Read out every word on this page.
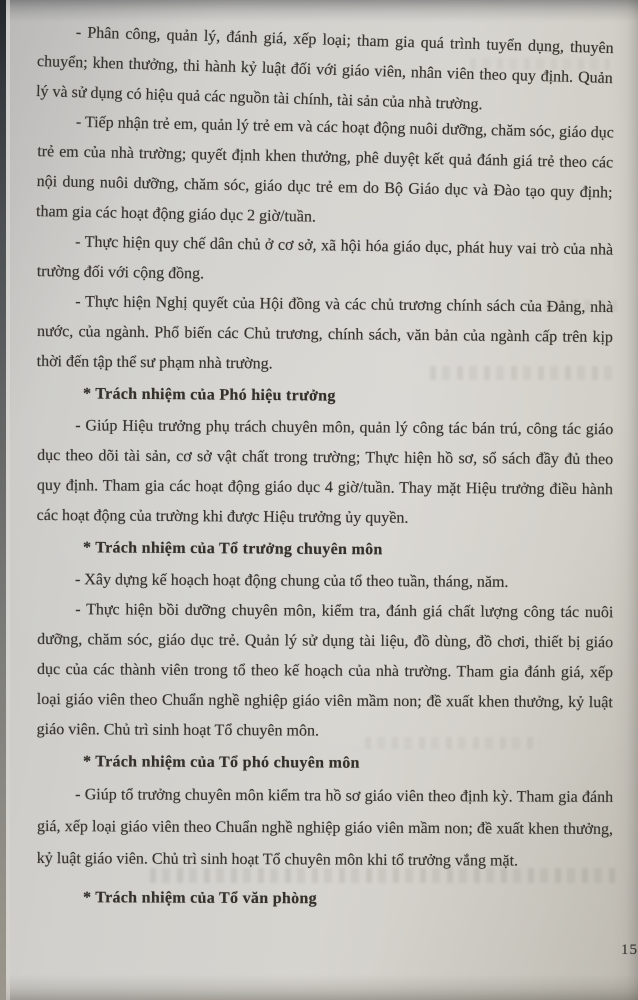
- Phân công, quản lý, đánh giá, xếp loại; tham gia quá trình tuyển dụng, thuyên chuyển; khen thưởng, thi hành kỷ luật đối với giáo viên, nhân viên theo quy định. Quản lý và sử dụng có hiệu quả các nguồn tài chính, tài sản của nhà trường.

- Tiếp nhận trẻ em, quản lý trẻ em và các hoạt động nuôi dưỡng, chăm sóc, giáo dục trẻ em của nhà trường; quyết định khen thưởng, phê duyệt kết quả đánh giá trẻ theo các nội dung nuôi dưỡng, chăm sóc, giáo dục trẻ em do Bộ Giáo dục và Đào tạo quy định; tham gia các hoạt động giáo dục 2 giờ/tuần.

- Thực hiện quy chế dân chủ ở cơ sở, xã hội hóa giáo dục, phát huy vai trò của nhà trường đối với cộng đồng.

- Thực hiện Nghị quyết của Hội đồng và các chủ trương chính sách của Đảng, nhà nước, của ngành. Phổ biến các Chủ trương, chính sách, văn bản của ngành cấp trên kịp thời đến tập thể sư phạm nhà trường.

* Trách nhiệm của Phó hiệu trưởng

- Giúp Hiệu trưởng phụ trách chuyên môn, quản lý công tác bán trú, công tác giáo dục theo dõi tài sản, cơ sở vật chất trong trường; Thực hiện hồ sơ, sổ sách đầy đủ theo quy định. Tham gia các hoạt động giáo dục 4 giờ/tuần. Thay mặt Hiệu trưởng điều hành các hoạt động của trường khi được Hiệu trưởng ủy quyền.

* Trách nhiệm của Tổ trưởng chuyên môn

- Xây dựng kế hoạch hoạt động chung của tổ theo tuần, tháng, năm.

- Thực hiện bồi dưỡng chuyên môn, kiểm tra, đánh giá chất lượng công tác nuôi dưỡng, chăm sóc, giáo dục trẻ. Quản lý sử dụng tài liệu, đồ dùng, đồ chơi, thiết bị giáo dục của các thành viên trong tổ theo kế hoạch của nhà trường. Tham gia đánh giá, xếp loại giáo viên theo Chuẩn nghề nghiệp giáo viên mầm non; đề xuất khen thưởng, kỷ luật giáo viên. Chủ trì sinh hoạt Tổ chuyên môn.

* Trách nhiệm của Tổ phó chuyên môn

- Giúp tổ trưởng chuyên môn kiểm tra hồ sơ giáo viên theo định kỳ. Tham gia đánh giá, xếp loại giáo viên theo Chuẩn nghề nghiệp giáo viên mầm non; đề xuất khen thưởng, kỷ luật giáo viên. Chủ trì sinh hoạt Tổ chuyên môn khi tổ trưởng vắng mặt.

* Trách nhiệm của Tổ văn phòng

15
